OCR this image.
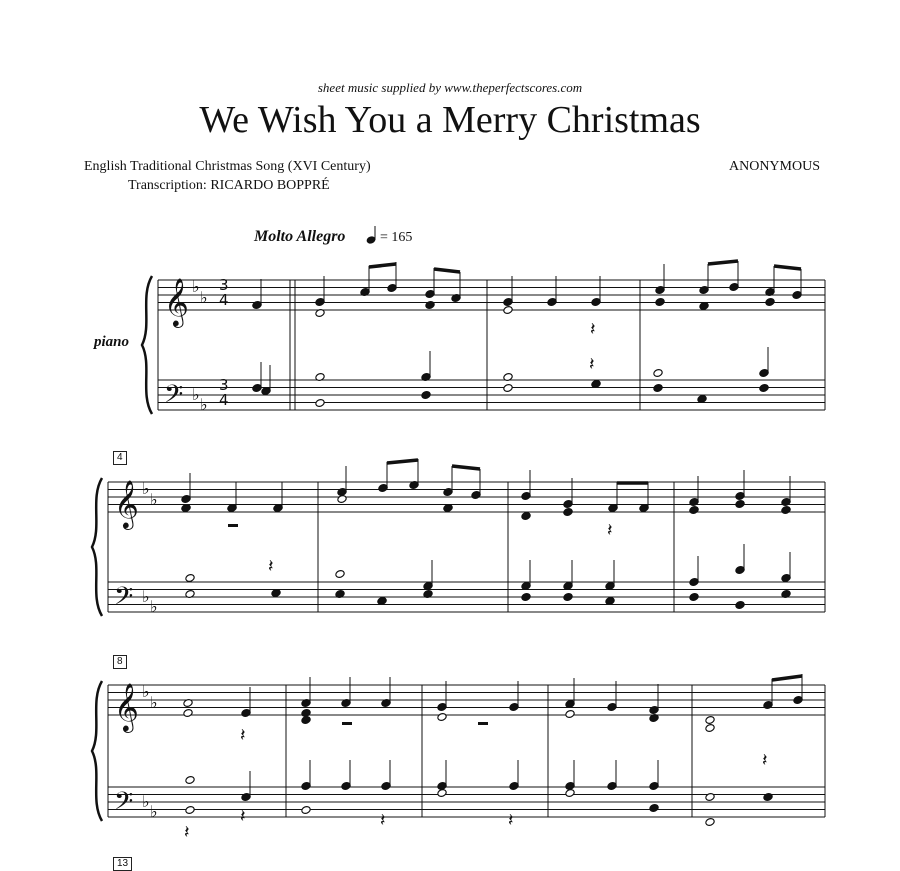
sheet music supplied by www.theperfectscores.com
We Wish You a Merry Christmas
English Traditional Christmas Song (XVI Century)
Transcription: RICARDO BOPPRÉ
ANONYMOUS
Molto Allegro = 165
piano
4
8
13
𝄞
𝄢
♭
♭
♭
♭
𝄞
𝄢
♭
♭
♭
♭
𝄞
𝄢
♭
♭
♭
♭
3
4
3
4
𝄽
𝄽
𝄽
𝄽
𝄽
𝄽
𝄽	𝄽	𝄽
𝄽
